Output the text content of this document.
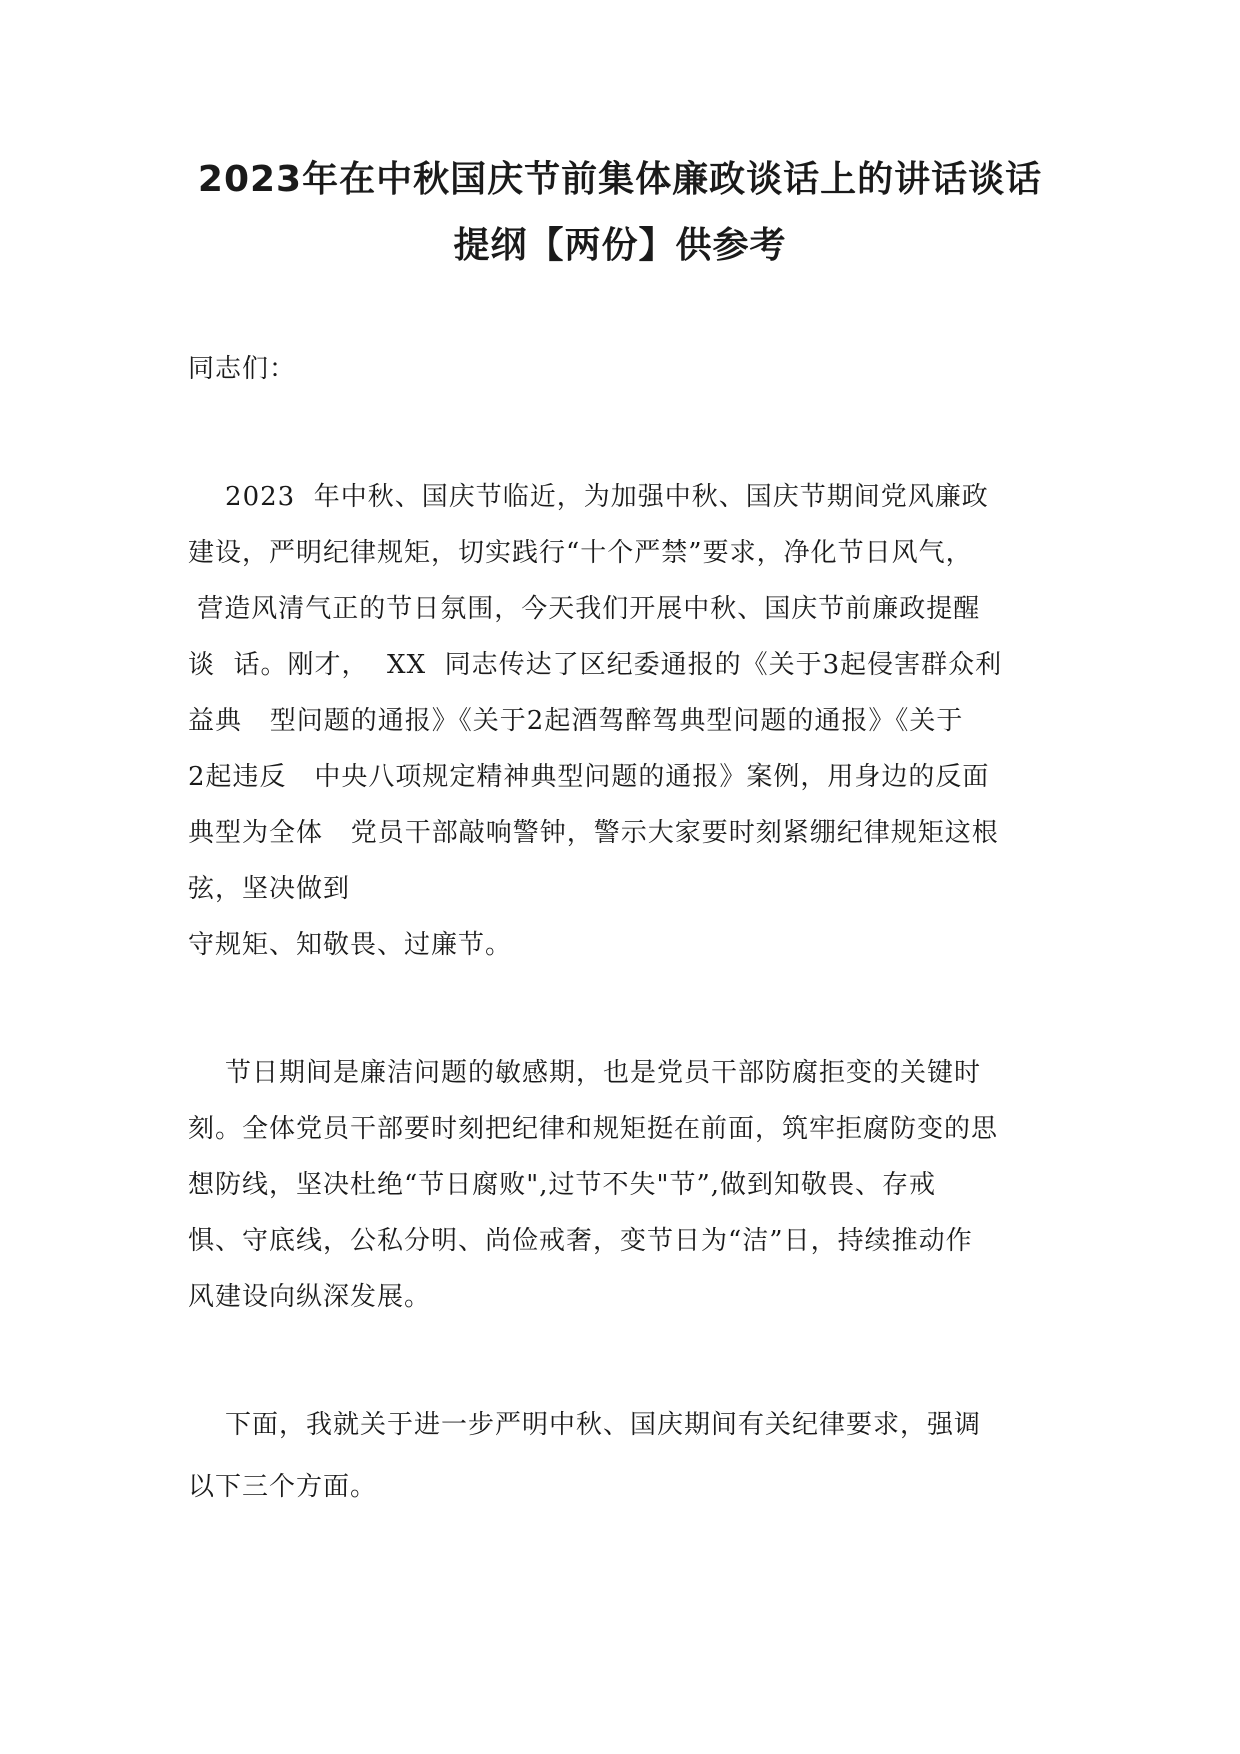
2023年在中秋国庆节前集体廉政谈话上的讲话谈话
提纲【两份】供参考
同志们：
2023  年中秋、国庆节临近，为加强中秋、国庆节期间党风廉政
建设，严明纪律规矩，切实践行“十个严禁”要求，净化节日风气，
营造风清气正的节日氛围，今天我们开展中秋、国庆节前廉政提醒
谈  话。刚才，  XX  同志传达了区纪委通报的《关于3起侵害群众利
益典   型问题的通报》《关于2起酒驾醉驾典型问题的通报》《关于
2起违反   中央八项规定精神典型问题的通报》案例，用身边的反面
典型为全体   党员干部敲响警钟，警示大家要时刻紧绷纪律规矩这根
弦，坚决做到
守规矩、知敬畏、过廉节。
节日期间是廉洁问题的敏感期，也是党员干部防腐拒变的关键时
刻。全体党员干部要时刻把纪律和规矩挺在前面，筑牢拒腐防变的思
想防线，坚决杜绝“节日腐败",过节不失"节”,做到知敬畏、存戒
惧、守底线，公私分明、尚俭戒奢，变节日为“洁”日，持续推动作
风建设向纵深发展。
下面，我就关于进一步严明中秋、国庆期间有关纪律要求，强调
以下三个方面。
